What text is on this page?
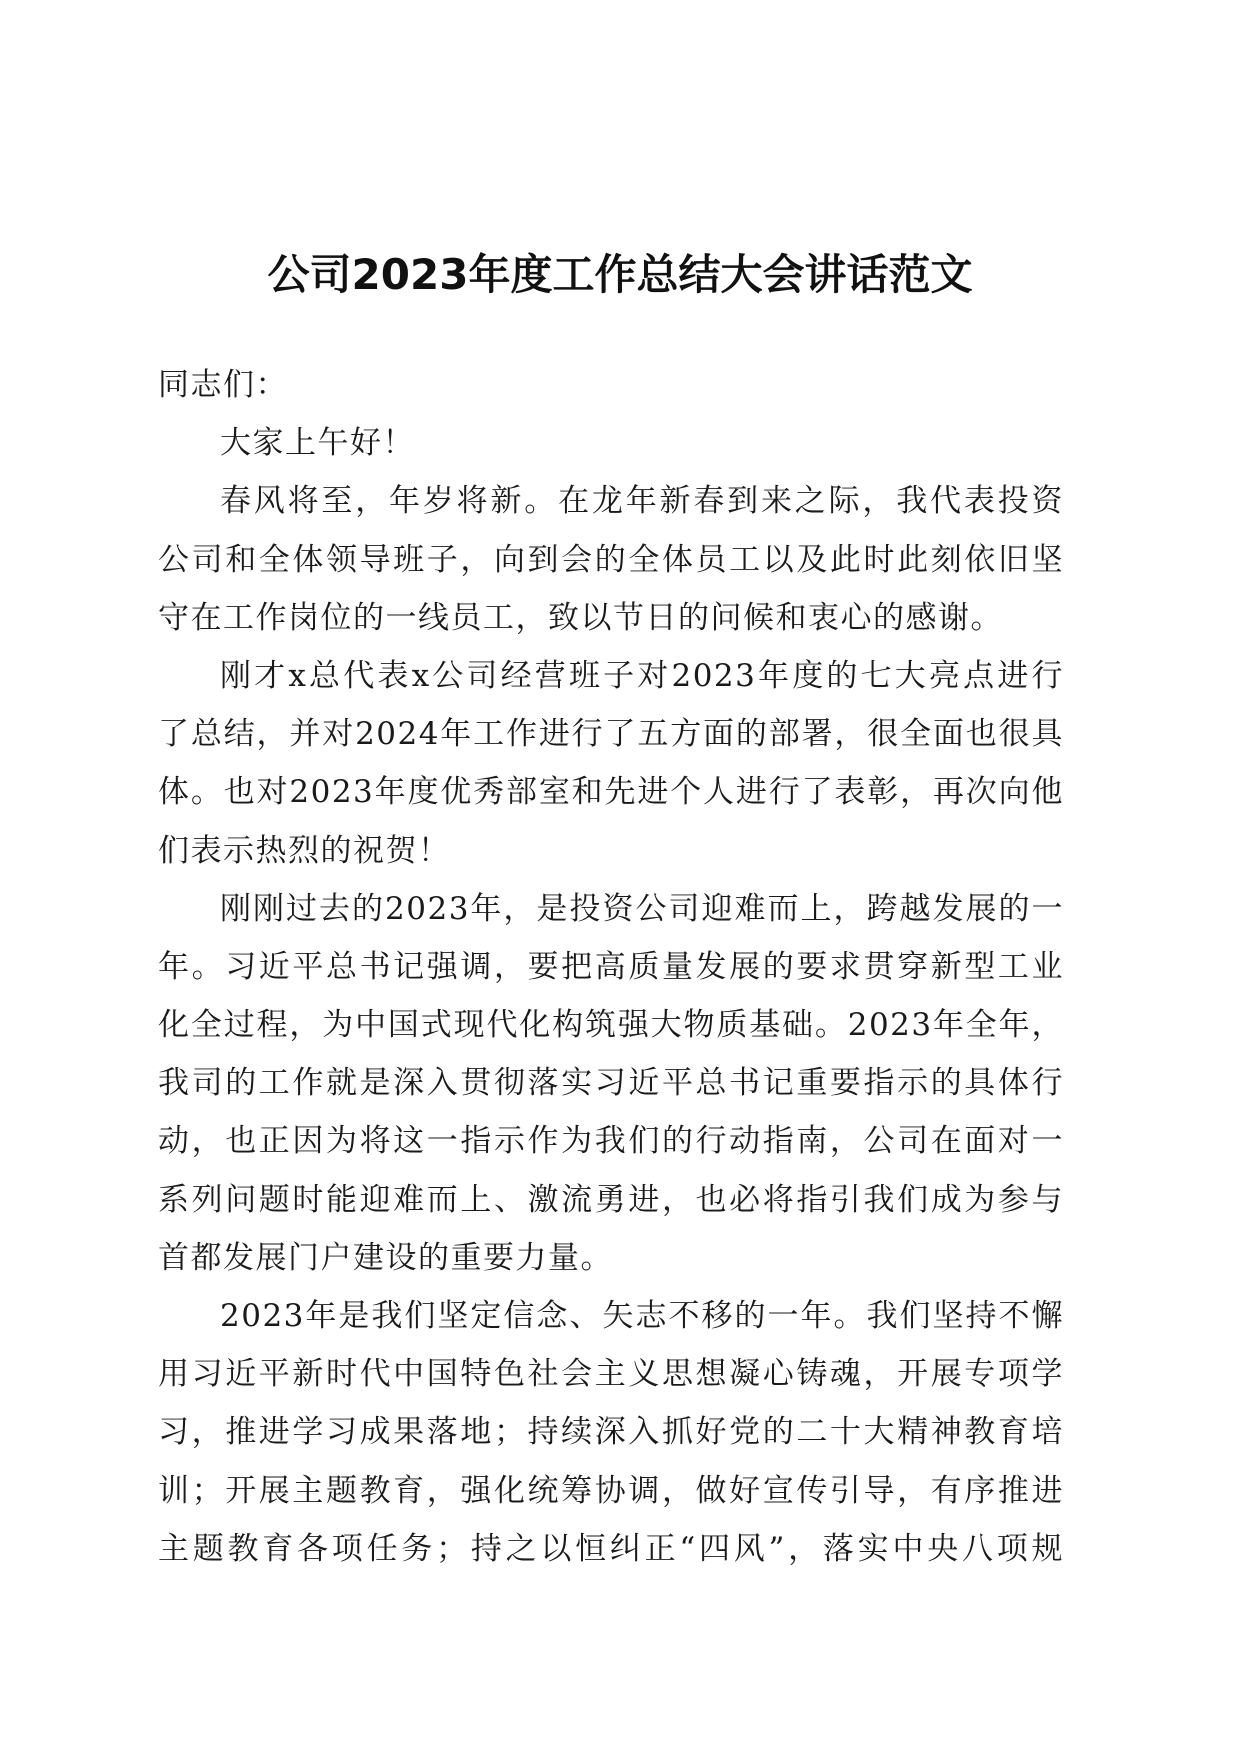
公司2023年度工作总结大会讲话范文
同志们：
大家上午好！
春风将至，年岁将新。在龙年新春到来之际，我代表投资
公司和全体领导班子，向到会的全体员工以及此时此刻依旧坚
守在工作岗位的一线员工，致以节日的问候和衷心的感谢。
刚才x总代表x公司经营班子对2023年度的七大亮点进行
了总结，并对2024年工作进行了五方面的部署，很全面也很具
体。也对2023年度优秀部室和先进个人进行了表彰，再次向他
们表示热烈的祝贺！
刚刚过去的2023年，是投资公司迎难而上，跨越发展的一
年。习近平总书记强调，要把高质量发展的要求贯穿新型工业
化全过程，为中国式现代化构筑强大物质基础。2023年全年，
我司的工作就是深入贯彻落实习近平总书记重要指示的具体行
动，也正因为将这一指示作为我们的行动指南，公司在面对一
系列问题时能迎难而上、激流勇进，也必将指引我们成为参与
首都发展门户建设的重要力量。
2023年是我们坚定信念、矢志不移的一年。我们坚持不懈
用习近平新时代中国特色社会主义思想凝心铸魂，开展专项学
习，推进学习成果落地；持续深入抓好党的二十大精神教育培
训；开展主题教育，强化统筹协调，做好宣传引导，有序推进
主题教育各项任务；持之以恒纠正“四风”，落实中央八项规
